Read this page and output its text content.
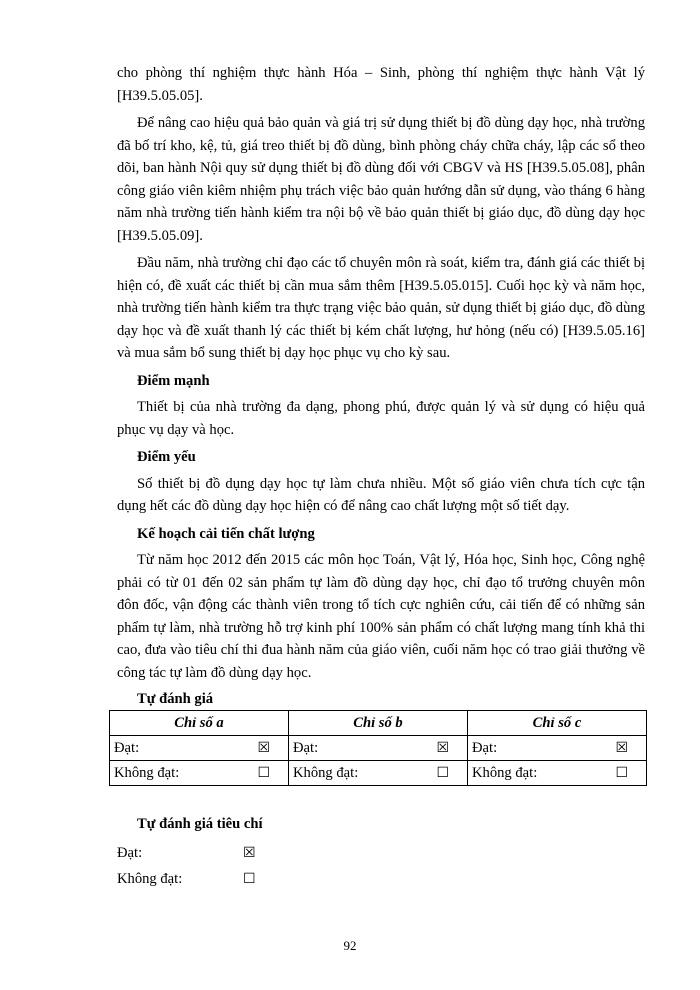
cho phòng thí nghiệm thực hành Hóa – Sinh, phòng thí nghiệm thực hành Vật lý [H39.5.05.05].

Để nâng cao hiệu quả bảo quản và giá trị sử dụng thiết bị đồ dùng dạy học, nhà trường đã bố trí kho, kệ, tủ, giá treo thiết bị đồ dùng, bình phòng cháy chữa cháy, lập các sổ theo dõi, ban hành Nội quy sử dụng thiết bị đồ dùng đối với CBGV và HS [H39.5.05.08], phân công giáo viên kiêm nhiệm phụ trách việc bảo quản hướng dẫn sử dụng, vào tháng 6 hàng năm nhà trường tiến hành kiểm tra nội bộ về bảo quản thiết bị giáo dục, đồ dùng dạy học [H39.5.05.09].

Đầu năm, nhà trường chỉ đạo các tổ chuyên môn rà soát, kiểm tra, đánh giá các thiết bị hiện có, đề xuất các thiết bị cần mua sắm thêm [H39.5.05.015]. Cuối học kỳ và năm học, nhà trường tiến hành kiểm tra thực trạng việc bảo quản, sử dụng thiết bị giáo dục, đồ dùng dạy học và đề xuất thanh lý các thiết bị kém chất lượng, hư hỏng (nếu có) [H39.5.05.16] và mua sắm bổ sung thiết bị dạy học phục vụ cho kỳ sau.

Điểm mạnh

Thiết bị của nhà trường đa dạng, phong phú, được quản lý và sử dụng có hiệu quả phục vụ dạy và học.

Điểm yếu

Số thiết bị đồ dụng dạy học tự làm chưa nhiều. Một số giáo viên chưa tích cực tận dụng hết các đồ dùng dạy học hiện có để nâng cao chất lượng một số tiết dạy.

Kế hoạch cải tiến chất lượng

Từ năm học 2012 đến 2015 các môn học Toán, Vật lý, Hóa học, Sinh học, Công nghệ phải có từ 01 đến 02 sản phẩm tự làm đồ dùng dạy học, chỉ đạo tổ trưởng chuyên môn đôn đốc, vận động các thành viên trong tổ tích cực nghiên cứu, cải tiến để có những sản phẩm tự làm, nhà trường hỗ trợ kinh phí 100% sản phẩm có chất lượng mang tính khả thi cao, đưa vào tiêu chí thi đua hành năm của giáo viên, cuối năm học có trao giải thưởng về công tác tự làm đồ dùng dạy học.

Tự đánh giá
Chỉ số a	Chỉ số b	Chỉ số c

Đạt: ☒	Đạt: ☒	Đạt: ☒

Không đạt: ☐	Không đạt: ☐	Không đạt: ☐
Tự đánh giá tiêu chí
Đạt:	☒
Không đạt:	☐
92
